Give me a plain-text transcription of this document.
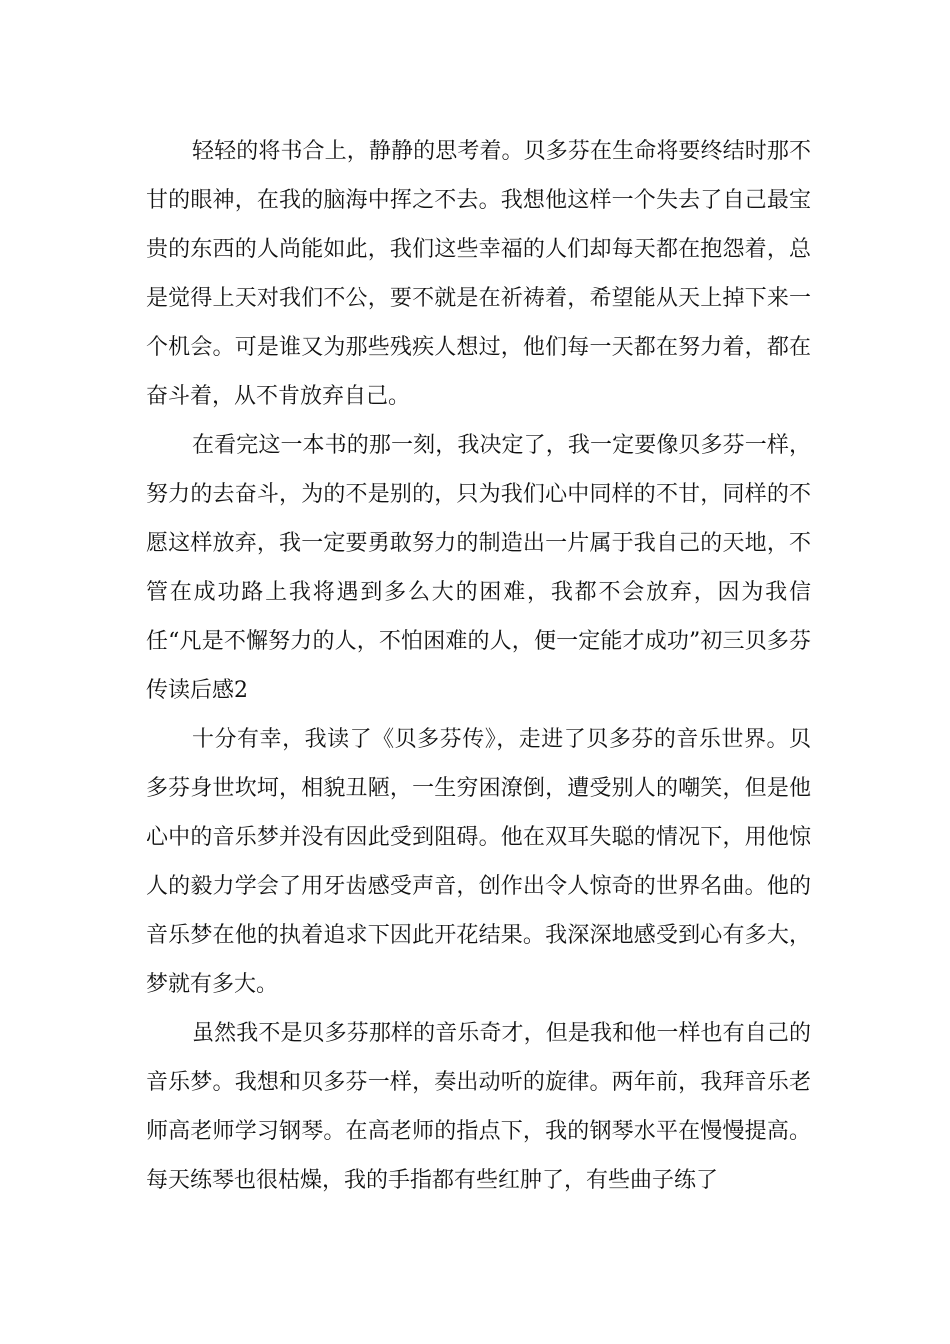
轻轻的将书合上，静静的思考着。贝多芬在生命将要终结时那不甘的眼神，在我的脑海中挥之不去。我想他这样一个失去了自己最宝贵的东西的人尚能如此，我们这些幸福的人们却每天都在抱怨着，总是觉得上天对我们不公，要不就是在祈祷着，希望能从天上掉下来一个机会。可是谁又为那些残疾人想过，他们每一天都在努力着，都在奋斗着，从不肯放弃自己。

在看完这一本书的那一刻，我决定了，我一定要像贝多芬一样，努力的去奋斗，为的不是别的，只为我们心中同样的不甘，同样的不愿这样放弃，我一定要勇敢努力的制造出一片属于我自己的天地，不管在成功路上我将遇到多么大的困难，我都不会放弃，因为我信任“凡是不懈努力的人，不怕困难的人，便一定能才成功”初三贝多芬传读后感2

十分有幸，我读了《贝多芬传》，走进了贝多芬的音乐世界。贝多芬身世坎坷，相貌丑陋，一生穷困潦倒，遭受别人的嘲笑，但是他心中的音乐梦并没有因此受到阻碍。他在双耳失聪的情况下，用他惊人的毅力学会了用牙齿感受声音，创作出令人惊奇的世界名曲。他的音乐梦在他的执着追求下因此开花结果。我深深地感受到心有多大，梦就有多大。

虽然我不是贝多芬那样的音乐奇才，但是我和他一样也有自己的音乐梦。我想和贝多芬一样，奏出动听的旋律。两年前，我拜音乐老师高老师学习钢琴。在高老师的指点下，我的钢琴水平在慢慢提高。每天练琴也很枯燥，我的手指都有些红肿了，有些曲子练了
